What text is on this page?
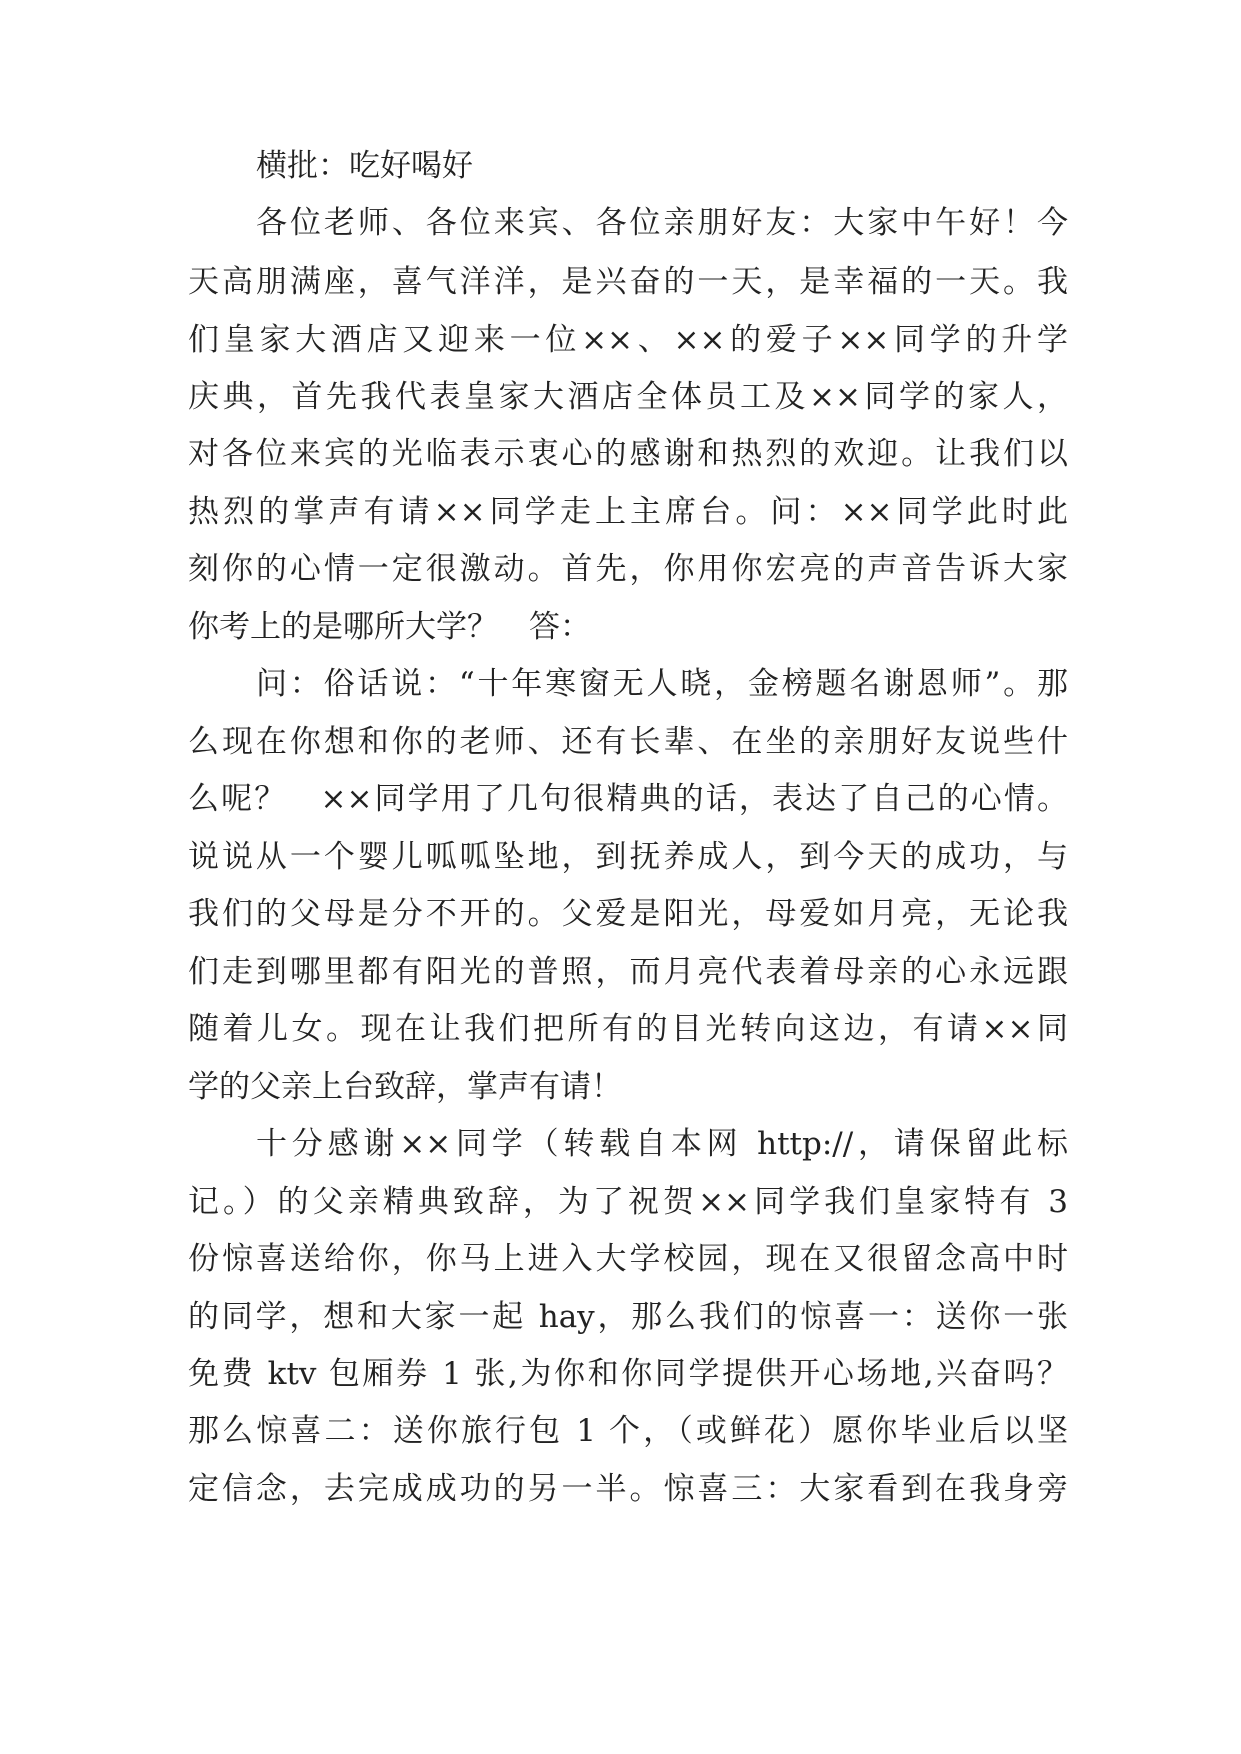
横批：吃好喝好
各位老师、各位来宾、各位亲朋好友：大家中午好！今
天高朋满座，喜气洋洋，是兴奋的一天，是幸福的一天。我
们皇家大酒店又迎来一位××、××的爱子××同学的升学
庆典，首先我代表皇家大酒店全体员工及××同学的家人，
对各位来宾的光临表示衷心的感谢和热烈的欢迎。让我们以
热烈的掌声有请××同学走上主席台。问：××同学此时此
刻你的心情一定很激动。首先，你用你宏亮的声音告诉大家
你考上的是哪所大学？　答：
问：俗话说：“十年寒窗无人晓，金榜题名谢恩师”。那
么现在你想和你的老师、还有长辈、在坐的亲朋好友说些什
么呢？　××同学用了几句很精典的话，表达了自己的心情。
说说从一个婴儿呱呱坠地，到抚养成人，到今天的成功，与
我们的父母是分不开的。父爱是阳光，母爱如月亮，无论我
们走到哪里都有阳光的普照，而月亮代表着母亲的心永远跟
随着儿女。现在让我们把所有的目光转向这边，有请××同
学的父亲上台致辞，掌声有请！
十分感谢××同学（转载自本网 http://，请保留此标
记。）的父亲精典致辞，为了祝贺××同学我们皇家特有 3
份惊喜送给你，你马上进入大学校园，现在又很留念高中时
的同学，想和大家一起 hay，那么我们的惊喜一：送你一张
免费 ktv 包厢券 1 张,为你和你同学提供开心场地,兴奋吗？
那么惊喜二：送你旅行包 1 个，（或鲜花）愿你毕业后以坚
定信念，去完成成功的另一半。惊喜三：大家看到在我身旁
